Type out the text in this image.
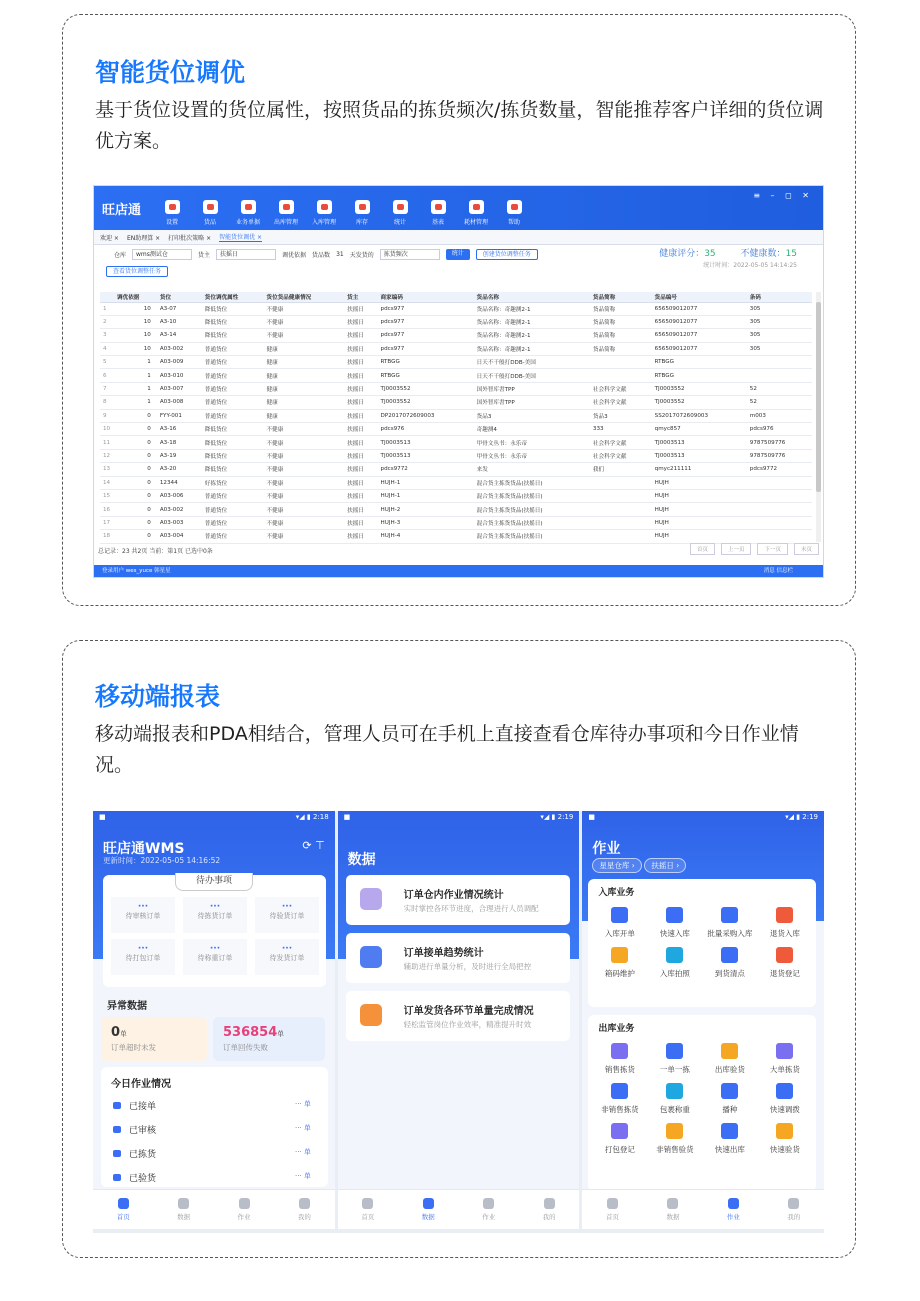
智能货位调优

基于货位设置的货位属性，按照货品的拣货频次/拣货数量，智能推荐客户详细的货位调优方案。

旺店通
设置	货品	业务单据	出库管理	入库管理	库存	统计	基表	耗材管理	帮助
≡ – ◻ ✕
欢迎 × EN助理算 × 打印批次策略 × 智能货位调优 ×
仓库	wms测试仓	货主	扶摇日	调优依据 货品数 31 天发货的	拣货频次	统计	创建货位调整任务
查看货位调整任务
健康评分：35	不健康数：15
统计时间：2022-05-05 14:14:25
	调优依据	货位	货位调优属性	货位货品健康情况	货主	商家编码	货品名称	货品简称	货品编号	条码
1	10	A3-07	降低货位	不健康	扶摇日	pdcs977	货品名称：奇趣测2-1	货品简称	656509012077	305
2	10	A3-10	降低货位	不健康	扶摇日	pdcs977	货品名称：奇趣测2-1	货品简称	656509012077	305
3	10	A3-14	降低货位	不健康	扶摇日	pdcs977	货品名称：奇趣测2-1	货品简称	656509012077	305
4	10	A03-002	普通货位	健康	扶摇日	pdcs977	货品名称：奇趣测2-1	货品简称	656509012077	305
5	1	A03-009	普通货位	健康	扶摇日	RTBGG	日天不干般打DDB-美国		RTBGG	
6	1	A03-010	普通货位	健康	扶摇日	RTBGG	日天不干般打DDB-美国		RTBGG	
7	1	A03-007	普通货位	健康	扶摇日	TJ0003552	国外智库書TPP	社会科学文献	TJ0003552	52
8	1	A03-008	普通货位	健康	扶摇日	TJ0003552	国外智库書TPP	社会科学文献	TJ0003552	52
9	0	FYY-001	普通货位	健康	扶摇日	DP2017072609003	货品3	货品3	SS2017072609003	m003
10	0	A3-16	降低货位	不健康	扶摇日	pdcs976	奇趣测4	333	qmyc857	pdcs976
11	0	A3-18	降低货位	不健康	扶摇日	TJ0003513	甲骨文丛书：永乐帝	社会科学文献	TJ0003513	9787509776
12	0	A3-19	降低货位	不健康	扶摇日	TJ0003513	甲骨文丛书：永乐帝	社会科学文献	TJ0003513	9787509776
13	0	A3-20	降低货位	不健康	扶摇日	pdcs9772	来发	我们	qmyc211111	pdcs9772
14	0	12344	好拣货位	不健康	扶摇日	HUJH-1	混合货主拣货货品(扶摇日)		HUJH	
15	0	A03-006	普通货位	不健康	扶摇日	HUJH-1	混合货主拣货货品(扶摇日)		HUJH	
16	0	A03-002	普通货位	不健康	扶摇日	HUJH-2	混合货主拣货货品(扶摇日)		HUJH	
17	0	A03-003	普通货位	不健康	扶摇日	HUJH-3	混合货主拣货货品(扶摇日)		HUJH	
18	0	A03-004	普通货位	不健康	扶摇日	HUJH-4	混合货主拣货货品(扶摇日)		HUJH	
总记录：23 共2页 当前：第1页 已选中0条	首页	上一页	下一页	末页
登录用户 wes_yuce 韩星星	消息 信息栏
移动端报表

移动端报表和PDA相结合，管理人员可在手机上直接查看仓库待办事项和今日作业情况。

■	▾◢ ▮ 2:18
旺店通WMS
更新时间：2022-05-05 14:16:52
⟳ ⊤
待办事项
···
待审核订单
···
待拣货订单
···
待验货订单
···
待打包订单
···
待称重订单
···
待发货订单
异常数据
0单
订单超时未发
536854单
订单回传失败
今日作业情况
已接单	··· 单
已审核	··· 单
已拣货	··· 单
已验货	··· 单
首页	数据	作业	我的
■	▾◢ ▮ 2:19
数据
订单仓内作业情况统计
实时掌控各环节进度，合理进行人员调配
订单接单趋势统计
辅助进行单量分析，及时进行全局把控
订单发货各环节单量完成情况
轻松监管岗位作业效率，精准提升时效
首页	数据	作业	我的
■	▾◢ ▮ 2:19
作业
星星仓库 ›	扶摇日 ›
入库业务
入库开单	快速入库	批量采购入库	退货入库
箱码维护	入库拍照	到货清点	退货登记
出库业务
销售拣货	一单一拣	出库验货	大单拣货
非销售拣货	包裹称重	播种	快速调拨
打包登记	非销售验货	快速出库	快速验货
首页	数据	作业	我的
